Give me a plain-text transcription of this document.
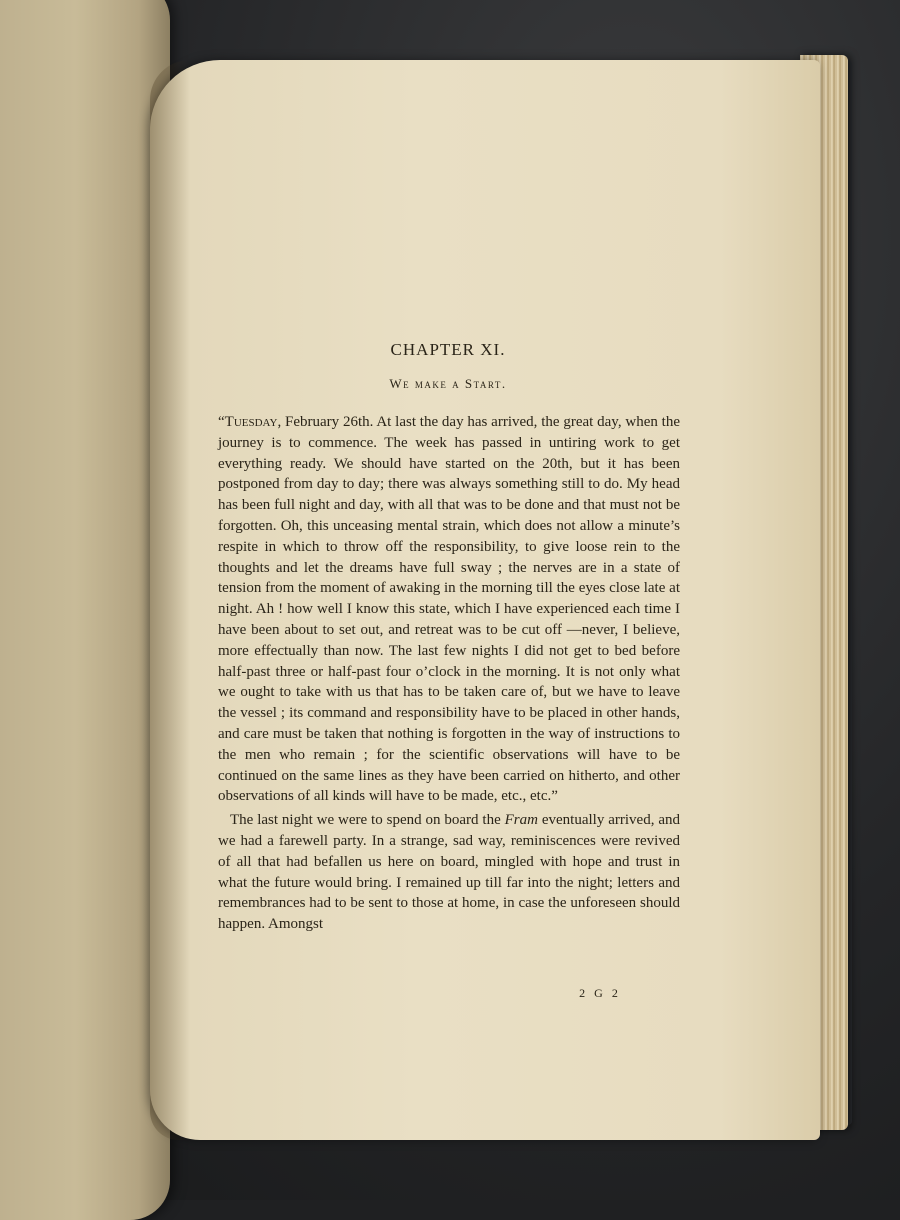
CHAPTER XI.
We make a Start.

“Tuesday, February 26th. At last the day has arrived, the great day, when the journey is to commence. The week has passed in untiring work to get everything ready. We should have started on the 20th, but it has been postponed from day to day; there was always something still to do. My head has been full night and day, with all that was to be done and that must not be forgotten. Oh, this unceasing mental strain, which does not allow a minute’s respite in which to throw off the responsibility, to give loose rein to the thoughts and let the dreams have full sway ; the nerves are in a state of tension from the moment of awaking in the morning till the eyes close late at night. Ah ! how well I know this state, which I have experienced each time I have been about to set out, and retreat was to be cut off —never, I believe, more effectually than now. The last few nights I did not get to bed before half-past three or half-past four o’clock in the morning. It is not only what we ought to take with us that has to be taken care of, but we have to leave the vessel ; its command and responsibility have to be placed in other hands, and care must be taken that nothing is forgotten in the way of instructions to the men who remain ; for the scientific observations will have to be continued on the same lines as they have been carried on hitherto, and other observations of all kinds will have to be made, etc., etc.”

The last night we were to spend on board the Fram eventually arrived, and we had a farewell party. In a strange, sad way, reminiscences were revived of all that had befallen us here on board, mingled with hope and trust in what the future would bring. I remained up till far into the night; letters and remembrances had to be sent to those at home, in case the unforeseen should happen. Amongst

2 G 2
